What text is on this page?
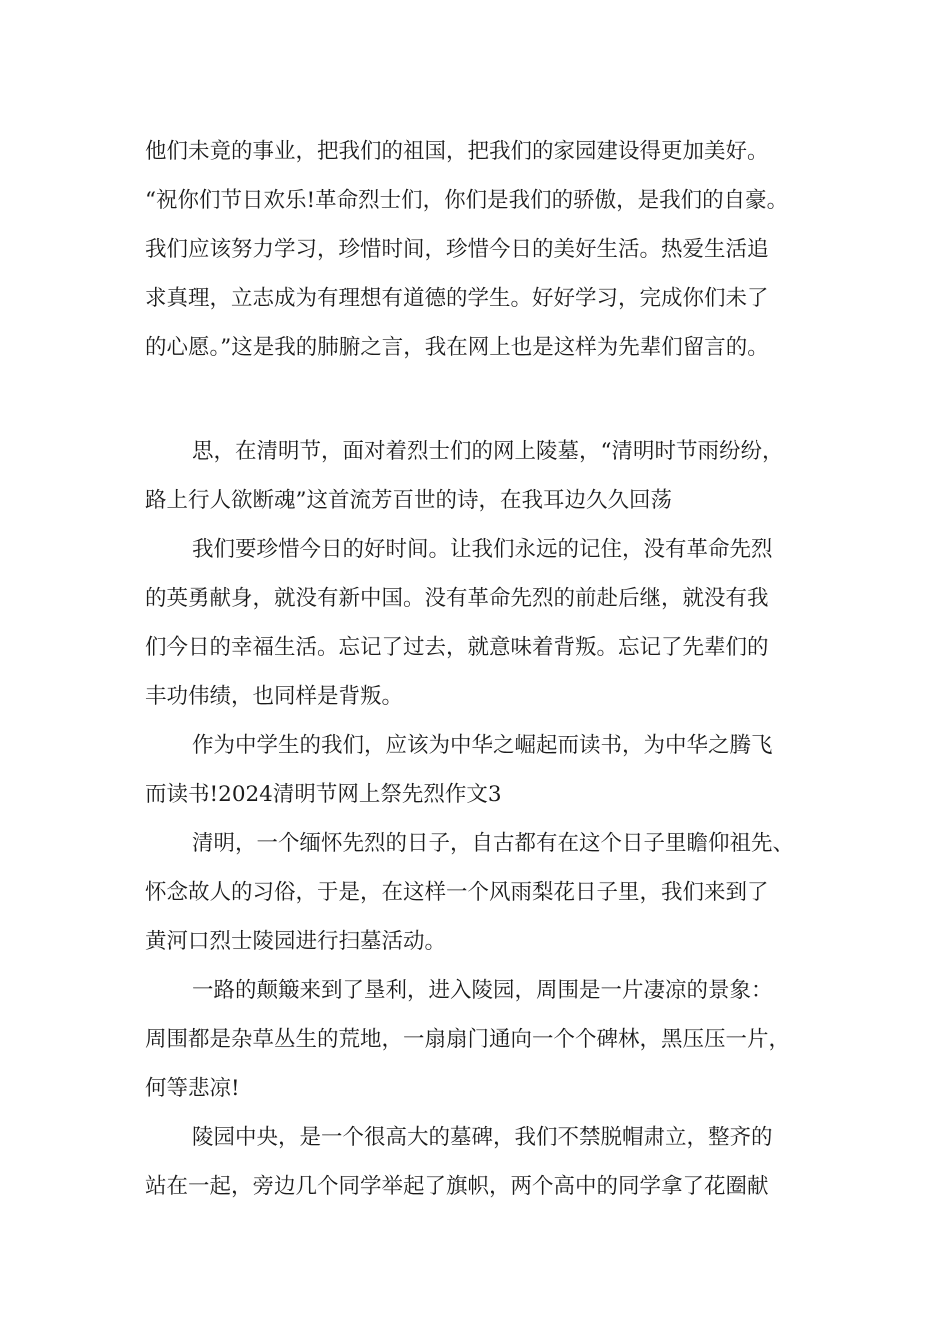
他们未竟的事业，把我们的祖国，把我们的家园建设得更加美好。
“祝你们节日欢乐!革命烈士们，你们是我们的骄傲，是我们的自豪。
我们应该努力学习，珍惜时间，珍惜今日的美好生活。热爱生活追
求真理，立志成为有理想有道德的学生。好好学习，完成你们未了
的心愿。”这是我的肺腑之言，我在网上也是这样为先辈们留言的。
思，在清明节，面对着烈士们的网上陵墓，“清明时节雨纷纷，
路上行人欲断魂”这首流芳百世的诗，在我耳边久久回荡
我们要珍惜今日的好时间。让我们永远的记住，没有革命先烈
的英勇献身，就没有新中国。没有革命先烈的前赴后继，就没有我
们今日的幸福生活。忘记了过去，就意味着背叛。忘记了先辈们的
丰功伟绩，也同样是背叛。
作为中学生的我们，应该为中华之崛起而读书，为中华之腾飞
而读书!2024清明节网上祭先烈作文3
清明，一个缅怀先烈的日子，自古都有在这个日子里瞻仰祖先、
怀念故人的习俗，于是，在这样一个风雨梨花日子里，我们来到了
黄河口烈士陵园进行扫墓活动。
一路的颠簸来到了垦利，进入陵园，周围是一片凄凉的景象：
周围都是杂草丛生的荒地，一扇扇门通向一个个碑林，黑压压一片，
何等悲凉!
陵园中央，是一个很高大的墓碑，我们不禁脱帽肃立，整齐的
站在一起，旁边几个同学举起了旗帜，两个高中的同学拿了花圈献
